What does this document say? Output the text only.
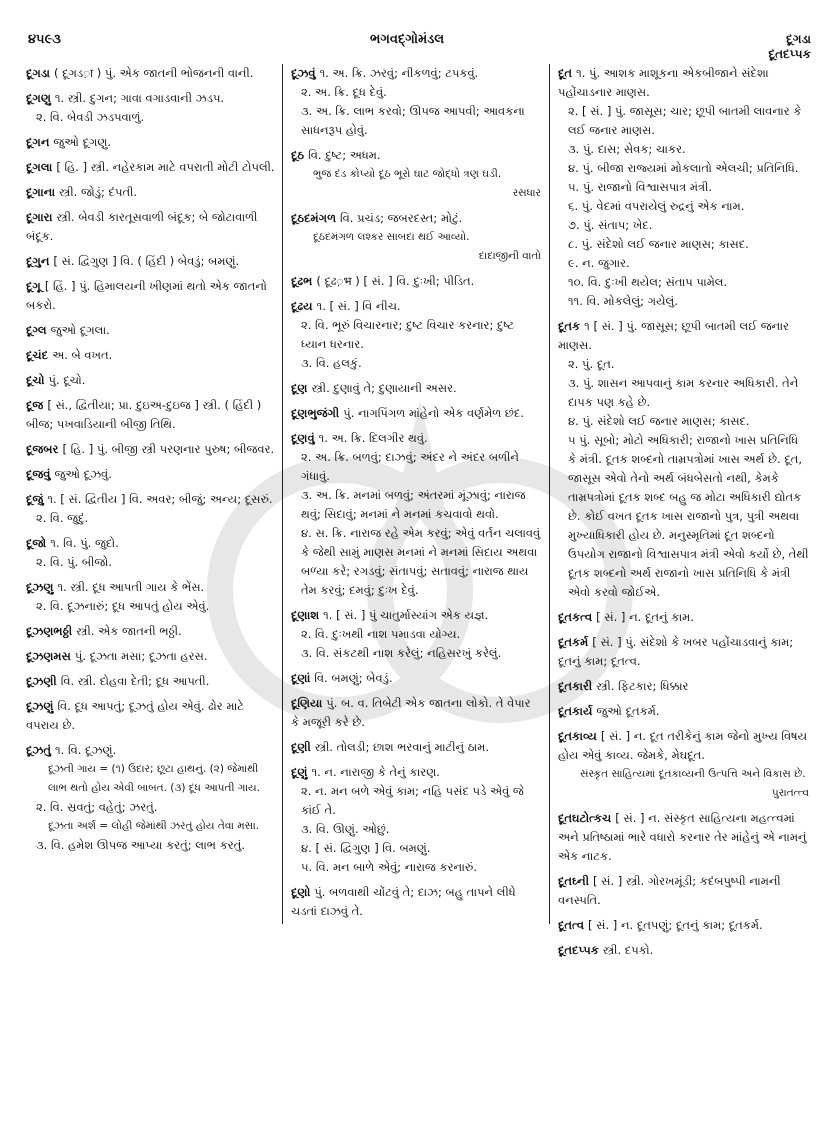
૪૫૯૩	ભગવદ્ગોમંડલ	દૂગડા
દૂતદપ્પક
દૂગડા ( દૂગડ़ा ) પું. એક જાતની ભોજનની વાની.
દૂગણુ ૧. સ્ત્રી. દુગન; ગાવા વગાડવાની ઝડપ.
૨. વિ. બેવડી ઝડપવાળું.
દૂગન જુઓ દૂગણુ.
દૂગલા [ હિ. ] સ્ત્રી. નહેરકામ માટે વપરાતી મોટી ટોપલી.
દૂગાના સ્ત્રી. જોડું; દંપતી.
દૂગારા સ્ત્રી. બેવડી કારતૂસવાળી બંદૂક; બે જોટાવાળી બંદૂક.
દૂગુન [ સં. દ્વિગુણ ] વિ. ( હિંદી ) બેવડું; બમણું.
દૂગૂ [ હિં. ] પું. હિમાલયની ખીણમાં થતો એક જાતનો બકરો.
દૂગ્લ જુઓ દૂગલા.
દૂચંદ અ. બે વખત.
દૂચો પું. દૂચો.
દૂજ [ સં., દ્વિતીયા; પ્રા. દુઇઅ-દુઇજ ] સ્ત્રી. ( હિંદી ) બીજ; પખવાડિયાની બીજી તિથિ.
દૂજબર [ હિ. ] પું. બીજી સ્ત્રી પરણનાર પુરુષ; બીજવર.
દૂજવું જુઓ દૂઝવું.
દૂજું ૧. [ સં. દ્વિતીય ] વિ. અવર; બીજું; અન્ય; દૂસરું.
૨. વિ. જુદું.
દૂજો ૧. વિ. પું. જુદો.
૨. વિ. પું. બીજો.
દૂઝણુ ૧. સ્ત્રી. દૂધ આપતી ગાય કે ભેંસ.
૨. વિ. દૂઝનારું; દૂધ આપતું હોય એવું.
દૂઝણભઠ્ઠી સ્ત્રી. એક જાતની ભઠ્ઠી.
દૂઝણમસ પું. દૂઝતા મસા; દૂઝતા હરસ.
દૂઝણી વિ. સ્ત્રી. દોહવા દેતી; દૂધ આપતી.
દૂઝણું વિ. દૂધ આપતું; દૂઝતું હોય એવું. ઢોર માટે વપરાય છે.
દૂઝતું ૧. વિ. દૂઝણું.
દૂઝતી ગાય = (૧) ઉદાર; છૂટા હાથનું. (૨) જેમાંથી લાભ થતો હોય એવી બાબત. (૩) દૂધ આપતી ગાય.
૨. વિ. સ્રવતું; વહેતું; ઝરતું.
દૂઝતા અર્શ = લોહી જેમાંથી ઝરતું હોય તેવા મસા.
૩. વિ. હમેશ ઊપજ આપ્યા કરતું; લાભ કરતું.
દૂઝવું ૧. અ. ક્રિ. ઝરવું; નીકળવું; ટપકવું.
૨. અ. ક્રિ. દૂધ દેવું.
૩. અ. ક્રિ. લાભ કરવો; ઊપજ આપવી; આવકના સાધનરૂપ હોવું.
દૂઠ વિ. દુષ્ટ; અધમ.
ભુજ દંડ કોપ્યો દૂઠ ભૂરો ઘાટ જોદ્ધો ત્રણ ઘડી.
રસધાર
દૂઠદમંગળ વિ. પ્રચંડ; જબરદસ્ત; મોટું.
દૂઠદમંગળ લશ્કર સાબદાં થઈ આવ્યો.
દાદાજીની વાતો
દૂઢભ ( દૂઢ़भ ) [ સં. ] વિ. દુઃખી; પીડિત.
દૂઢય ૧. [ સં. ] વિ નીચ.
૨. વિ. ભૂરું વિચારનાર; દુષ્ટ વિચાર કરનાર; દુષ્ટ ધ્યાન ધરનાર.
૩. વિ. હલકું.
દૂણ સ્ત્રી. દુણાવું તે; દુણાયાની અસર.
દૂણભુજંગી પું. નાગપિંગળ માંહેનો એક વર્ણમેળ છંદ.
દૂણવું ૧. અ. ક્રિ. દિલગીર થવું.
૨. અ. ક્રિ. બળવું; દાઝવું; અંદર ને અંદર બળીને ગંધાવું.
૩. અ. ક્રિ. મનમાં બળવું; અંતરમાં મૂંઝાવું; નારાજ થવું; સિદાવું; મનમાં ને મનમાં કચવાવો થવો.
૪. સ. ક્રિ. નારાજ રહે એમ કરવું; એવું વર્તન ચલાવવું કે જેથી સામું માણસ મનમાં ને મનમાં સિદાય અથવા બળ્યા કરે; રગડવું; સંતાપવું; સતાવવું; નારાજ થાય તેમ કરવું; દમવું; દુઃખ દેવું.
દૂણાશ ૧. [ સં. ] પું ચાતુર્માસ્યાંગ એક યજ્ઞ.
૨. વિ. દુઃખથી નાશ પમાડવા યોગ્ય.
૩. વિ. સંકટથી નાશ કરેલું; નહિસરખું કરેલું.
દૂણાં વિ. બમણું; બેવડું.
દૂણિયા પું. બ. વ. તિબેટી એક જાતના લોકો. તે વેપાર કે મજૂરી કરે છે.
દૂણી સ્ત્રી. તોલડી; છાશ ભરવાનું માટીનું ઠામ.
દૂણું ૧. ન. નારાજી કે તેનું કારણ.
૨. ન. મન બળે એવું કામ; નહિ પસંદ પડે એવું જે કાંઈ તે.
૩. વિ. ઊણું. ઓછું.
૪. [ સં. દ્વિગુણ ] વિ. બમણું.
૫. વિ. મન બાળે એવું; નારાજ કરનારું.
દૂણો પું. બળવાથી ચોંટવું તે; દાઝ; બહુ તાપને લીધે ચડતાં દાઝવું તે.
દૂત ૧. પું. આશક માશૂકના એકબીજાને સંદેશા પહોંચાડનાર માણસ.
૨. [ સં. ] પું. જાસૂસ; ચાર; છૂપી બાતમી લાવનાર કે લઈ જનાર માણસ.
૩. પું. દાસ; સેવક; ચાકર.
૪. પું. બીજા રાજ્યમાં મોકલાતો એલચી; પ્રતિનિધિ.
૫. પું. રાજાનો વિશ્વાસપાત્ર મંત્રી.
૬. પું. વેદમાં વપરાયેલું રુદ્રનું એક નામ.
૭. પું. સંતાપ; ખેદ.
૮. પું. સંદેશો લઈ જનાર માણસ; કાસદ.
૯. ન. જુગાર.
૧૦. વિ. દુઃખી થયેલ; સંતાપ પામેલ.
૧૧. વિ. મોકલેલું; ગયેલું.
દૂતક ૧ [ સં. ] પું. જાસૂસ; છૂપી બાતમી લઈ જનાર માણસ.
૨. પું. દૂત.
૩. પું. શાસન આપવાનું કામ કરનાર અધિકારી. તેને દાપક પણ કહે છે.
૪. પું. સંદેશો લઈ જનાર માણસ; કાસદ.
૫ પું. સૂબો; મોટો અધિકારી; રાજાનો ખાસ પ્રતિનિધિ કે મંત્રી. દૂતક શબ્દનો તામ્રપત્રોમાં ખાસ અર્થ છે. દૂત, જાસૂસ એવો તેનો અર્થ બંધબેસતો નથી, કેમકે તામ્રપત્રોમાં દૂતક શબ્દ બહુ જ મોટા અધિકારી દ્યોતક છે. કોઈ વખત દૂતક ખાસ રાજાનો પુત્ર, પુત્રી અથવા મુખ્યાધિકારી હોય છે. મનુસ્મૃતિમાં દૂત શબ્દનો ઉપયોગ રાજાનો વિશ્વાસપાત્ર મંત્રી એવો કર્યો છે, તેથી દૂતક શબ્દનો અર્થ રાજાનો ખાસ પ્રતિનિધિ કે મંત્રી એવો કરવો જોઈએ.
દૂતકત્વ [ સં. ] ન. દૂતનું કામ.
દૂતકર્મ [ સં. ] પું. સંદેશો કે ખબર પહોંચાડવાનું કામ; દૂતનું કામ; દૂતત્વ.
દૂતકારી સ્ત્રી. ફિટકાર; ધિક્કાર
દૂતકાર્ય જુઓ દૂતકર્મ.
દૂતકાવ્ય [ સં. ] ન. દૂત તરીકેનું કામ જેનો મુખ્ય વિષય હોય એવું કાવ્ય. જેમકે, મેઘદૂત.
સંસ્કૃત સાહિત્યમાં દૂતકાવ્યની ઉત્પત્તિ અને વિકાસ છે.
પુરાતત્ત્વ
દૂતઘટોત્કચ [ સં. ] ન. સંસ્કૃત સાહિત્યના મહત્ત્વમાં અને પ્રતિષ્ઠામાં ભારે વધારો કરનાર તેર માંહેનું એ નામનું એક નાટક.
દૂતઘ્ની [ સં. ] સ્ત્રી. ગોરખમૂંડી; કદંબપુષ્પી નામની વનસ્પતિ.
દૂતત્વ [ સં. ] ન. દૂતપણું; દૂતનું કામ; દૂતકર્મ.
દૂતદપ્પક સ્ત્રી. દપકો.
